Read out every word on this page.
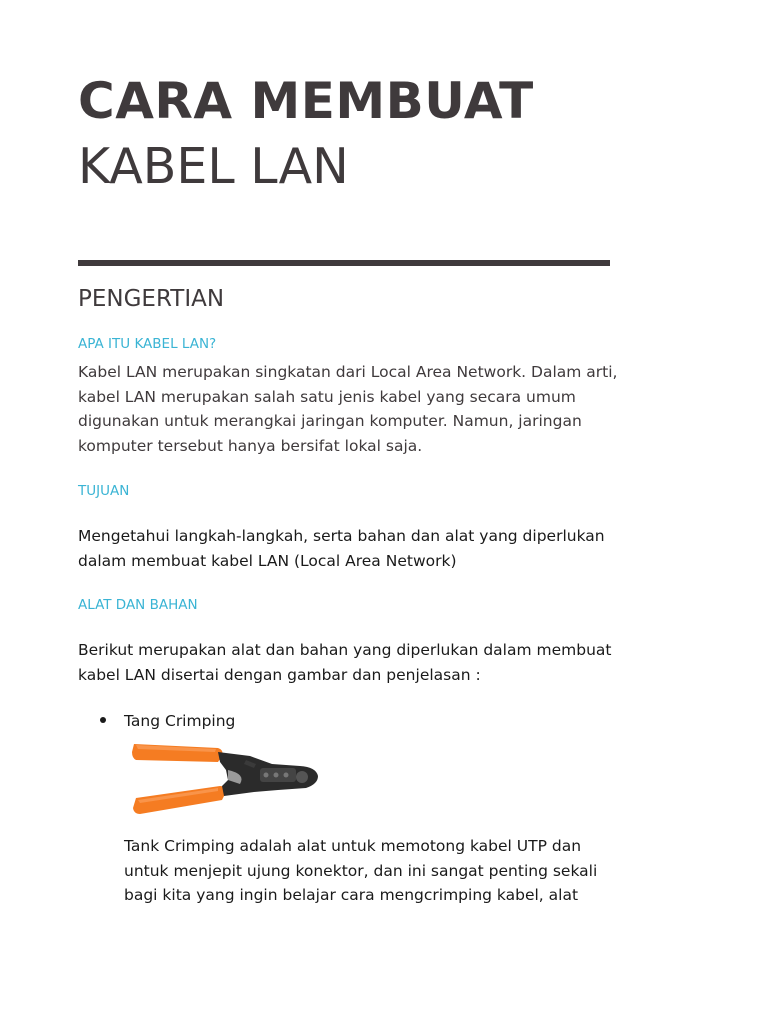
CARA MEMBUAT
KABEL LAN
PENGERTIAN
APA ITU KABEL LAN?
Kabel LAN merupakan singkatan dari Local Area Network. Dalam arti, kabel LAN merupakan salah satu jenis kabel yang secara umum digunakan untuk merangkai jaringan komputer. Namun, jaringan komputer tersebut hanya bersifat lokal saja.
TUJUAN
Mengetahui langkah-langkah, serta bahan dan alat yang diperlukan dalam membuat kabel LAN (Local Area Network)
ALAT DAN BAHAN
Berikut merupakan alat dan bahan yang diperlukan dalam membuat kabel LAN disertai dengan gambar dan penjelasan :
Tang Crimping
Tank Crimping adalah alat untuk memotong kabel UTP dan untuk menjepit ujung konektor, dan ini sangat penting sekali bagi kita yang ingin belajar cara mengcrimping kabel, alat
